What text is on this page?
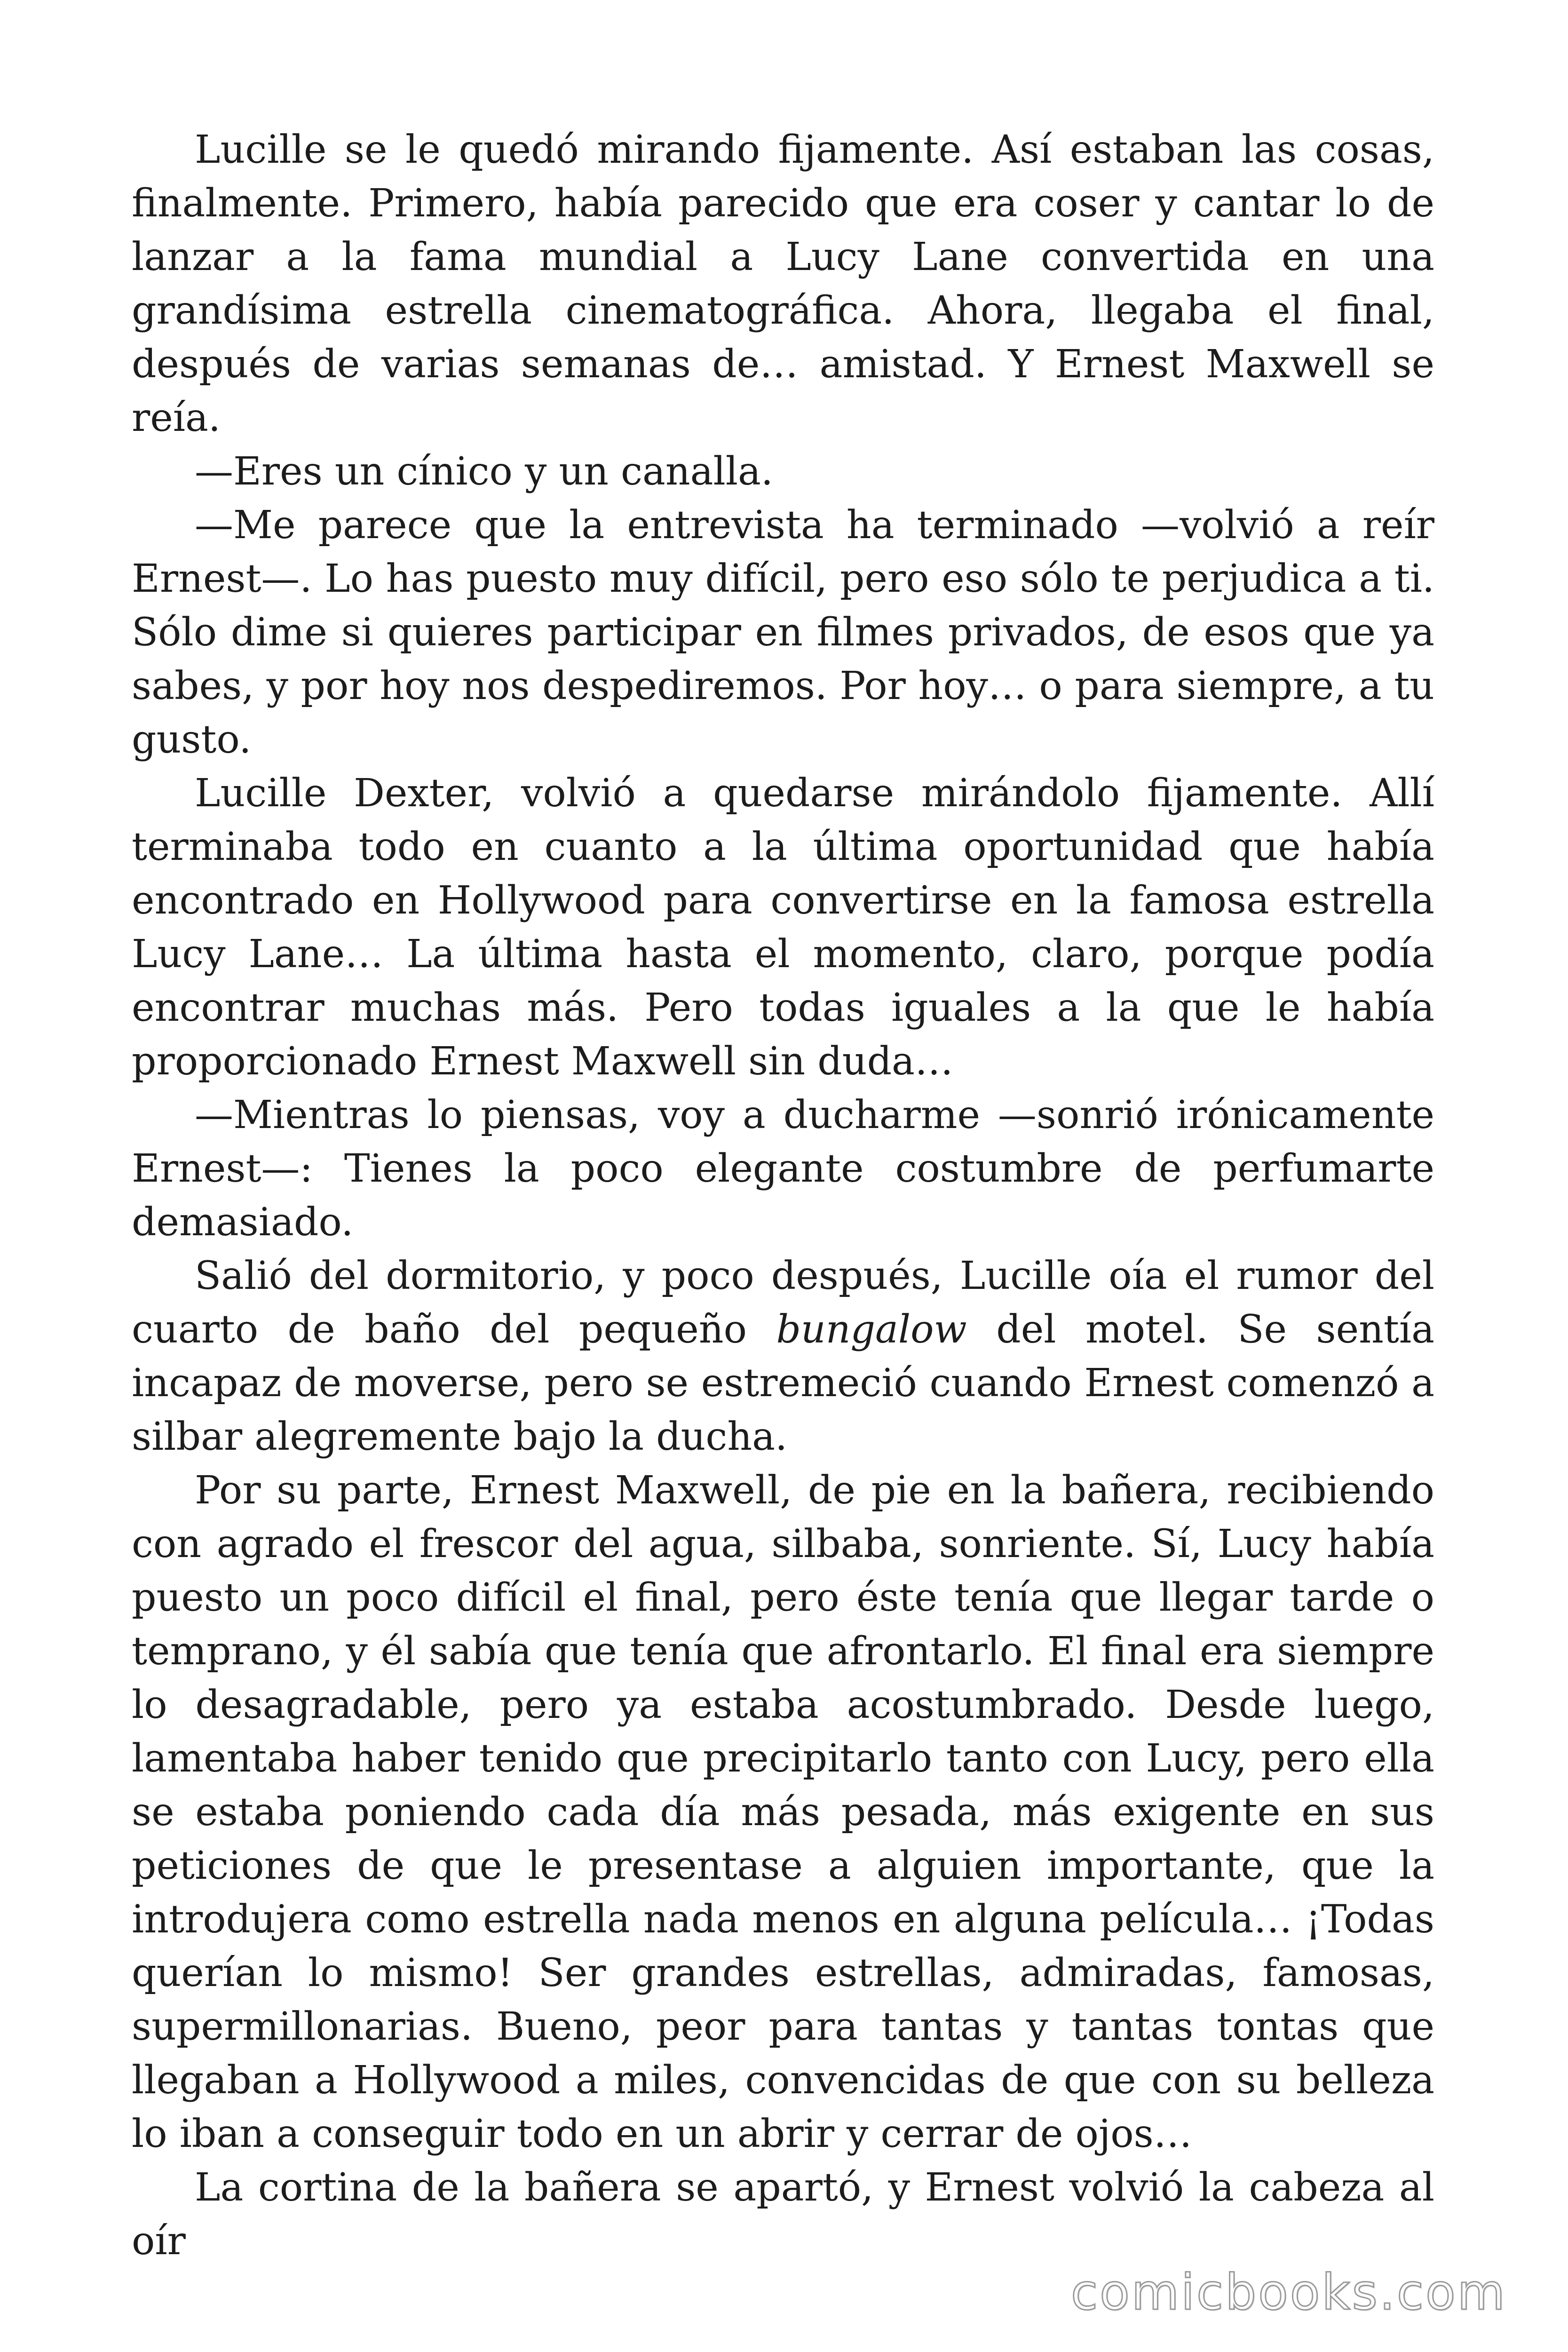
Lucille se le quedó mirando fijamente. Así estaban las cosas, finalmente. Primero, había parecido que era coser y cantar lo de lanzar a la fama mundial a Lucy Lane convertida en una grandísima estrella cinematográfica. Ahora, llegaba el final, después de varias semanas de… amistad. Y Ernest Maxwell se reía.

—Eres un cínico y un canalla.

—Me parece que la entrevista ha terminado —volvió a reír Ernest—. Lo has puesto muy difícil, pero eso sólo te perjudica a ti. Sólo dime si quieres participar en filmes privados, de esos que ya sabes, y por hoy nos despediremos. Por hoy… o para siempre, a tu gusto.

Lucille Dexter, volvió a quedarse mirándolo fijamente. Allí terminaba todo en cuanto a la última oportunidad que había encontrado en Hollywood para convertirse en la famosa estrella Lucy Lane… La última hasta el momento, claro, porque podía encontrar muchas más. Pero todas iguales a la que le había proporcionado Ernest Maxwell sin duda…

—Mientras lo piensas, voy a ducharme —sonrió irónicamente Ernest—: Tienes la poco elegante costumbre de perfumarte demasiado.

Salió del dormitorio, y poco después, Lucille oía el rumor del cuarto de baño del pequeño bungalow del motel. Se sentía incapaz de moverse, pero se estremeció cuando Ernest comenzó a silbar alegremente bajo la ducha.

Por su parte, Ernest Maxwell, de pie en la bañera, recibiendo con agrado el frescor del agua, silbaba, sonriente. Sí, Lucy había puesto un poco difícil el final, pero éste tenía que llegar tarde o temprano, y él sabía que tenía que afrontarlo. El final era siempre lo desagradable, pero ya estaba acostumbrado. Desde luego, lamentaba haber tenido que precipitarlo tanto con Lucy, pero ella se estaba poniendo cada día más pesada, más exigente en sus peticiones de que le presentase a alguien importante, que la introdujera como estrella nada menos en alguna película… ¡Todas querían lo mismo! Ser grandes estrellas, admiradas, famosas, supermillonarias. Bueno, peor para tantas y tantas tontas que llegaban a Hollywood a miles, convencidas de que con su belleza lo iban a conseguir todo en un abrir y cerrar de ojos…

La cortina de la bañera se apartó, y Ernest volvió la cabeza al oír

comicbooks.com
